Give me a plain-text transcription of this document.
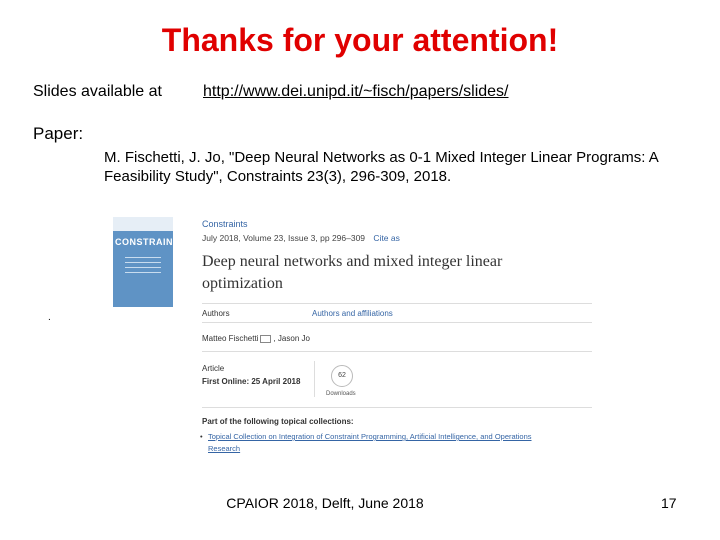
Thanks for your attention!
Slides available at	http://www.dei.unipd.it/~fisch/papers/slides/
Paper:
M. Fischetti, J. Jo, "Deep Neural Networks as 0-1 Mixed Integer Linear Programs: A Feasibility Study", Constraints 23(3), 296-309, 2018.
CONSTRAINTS
Constraints
July 2018, Volume 23, Issue 3, pp 296–309 Cite as
Deep neural networks and mixed integer linear optimization
Authors	Authors and affiliations
Matteo Fischetti , Jason Jo
Article
First Online: 25 April 2018
62
Downloads
Part of the following topical collections:
• Topical Collection on Integration of Constraint Programming, Artificial Intelligence, and Operations Research
.
CPAIOR 2018, Delft, June 2018	17
